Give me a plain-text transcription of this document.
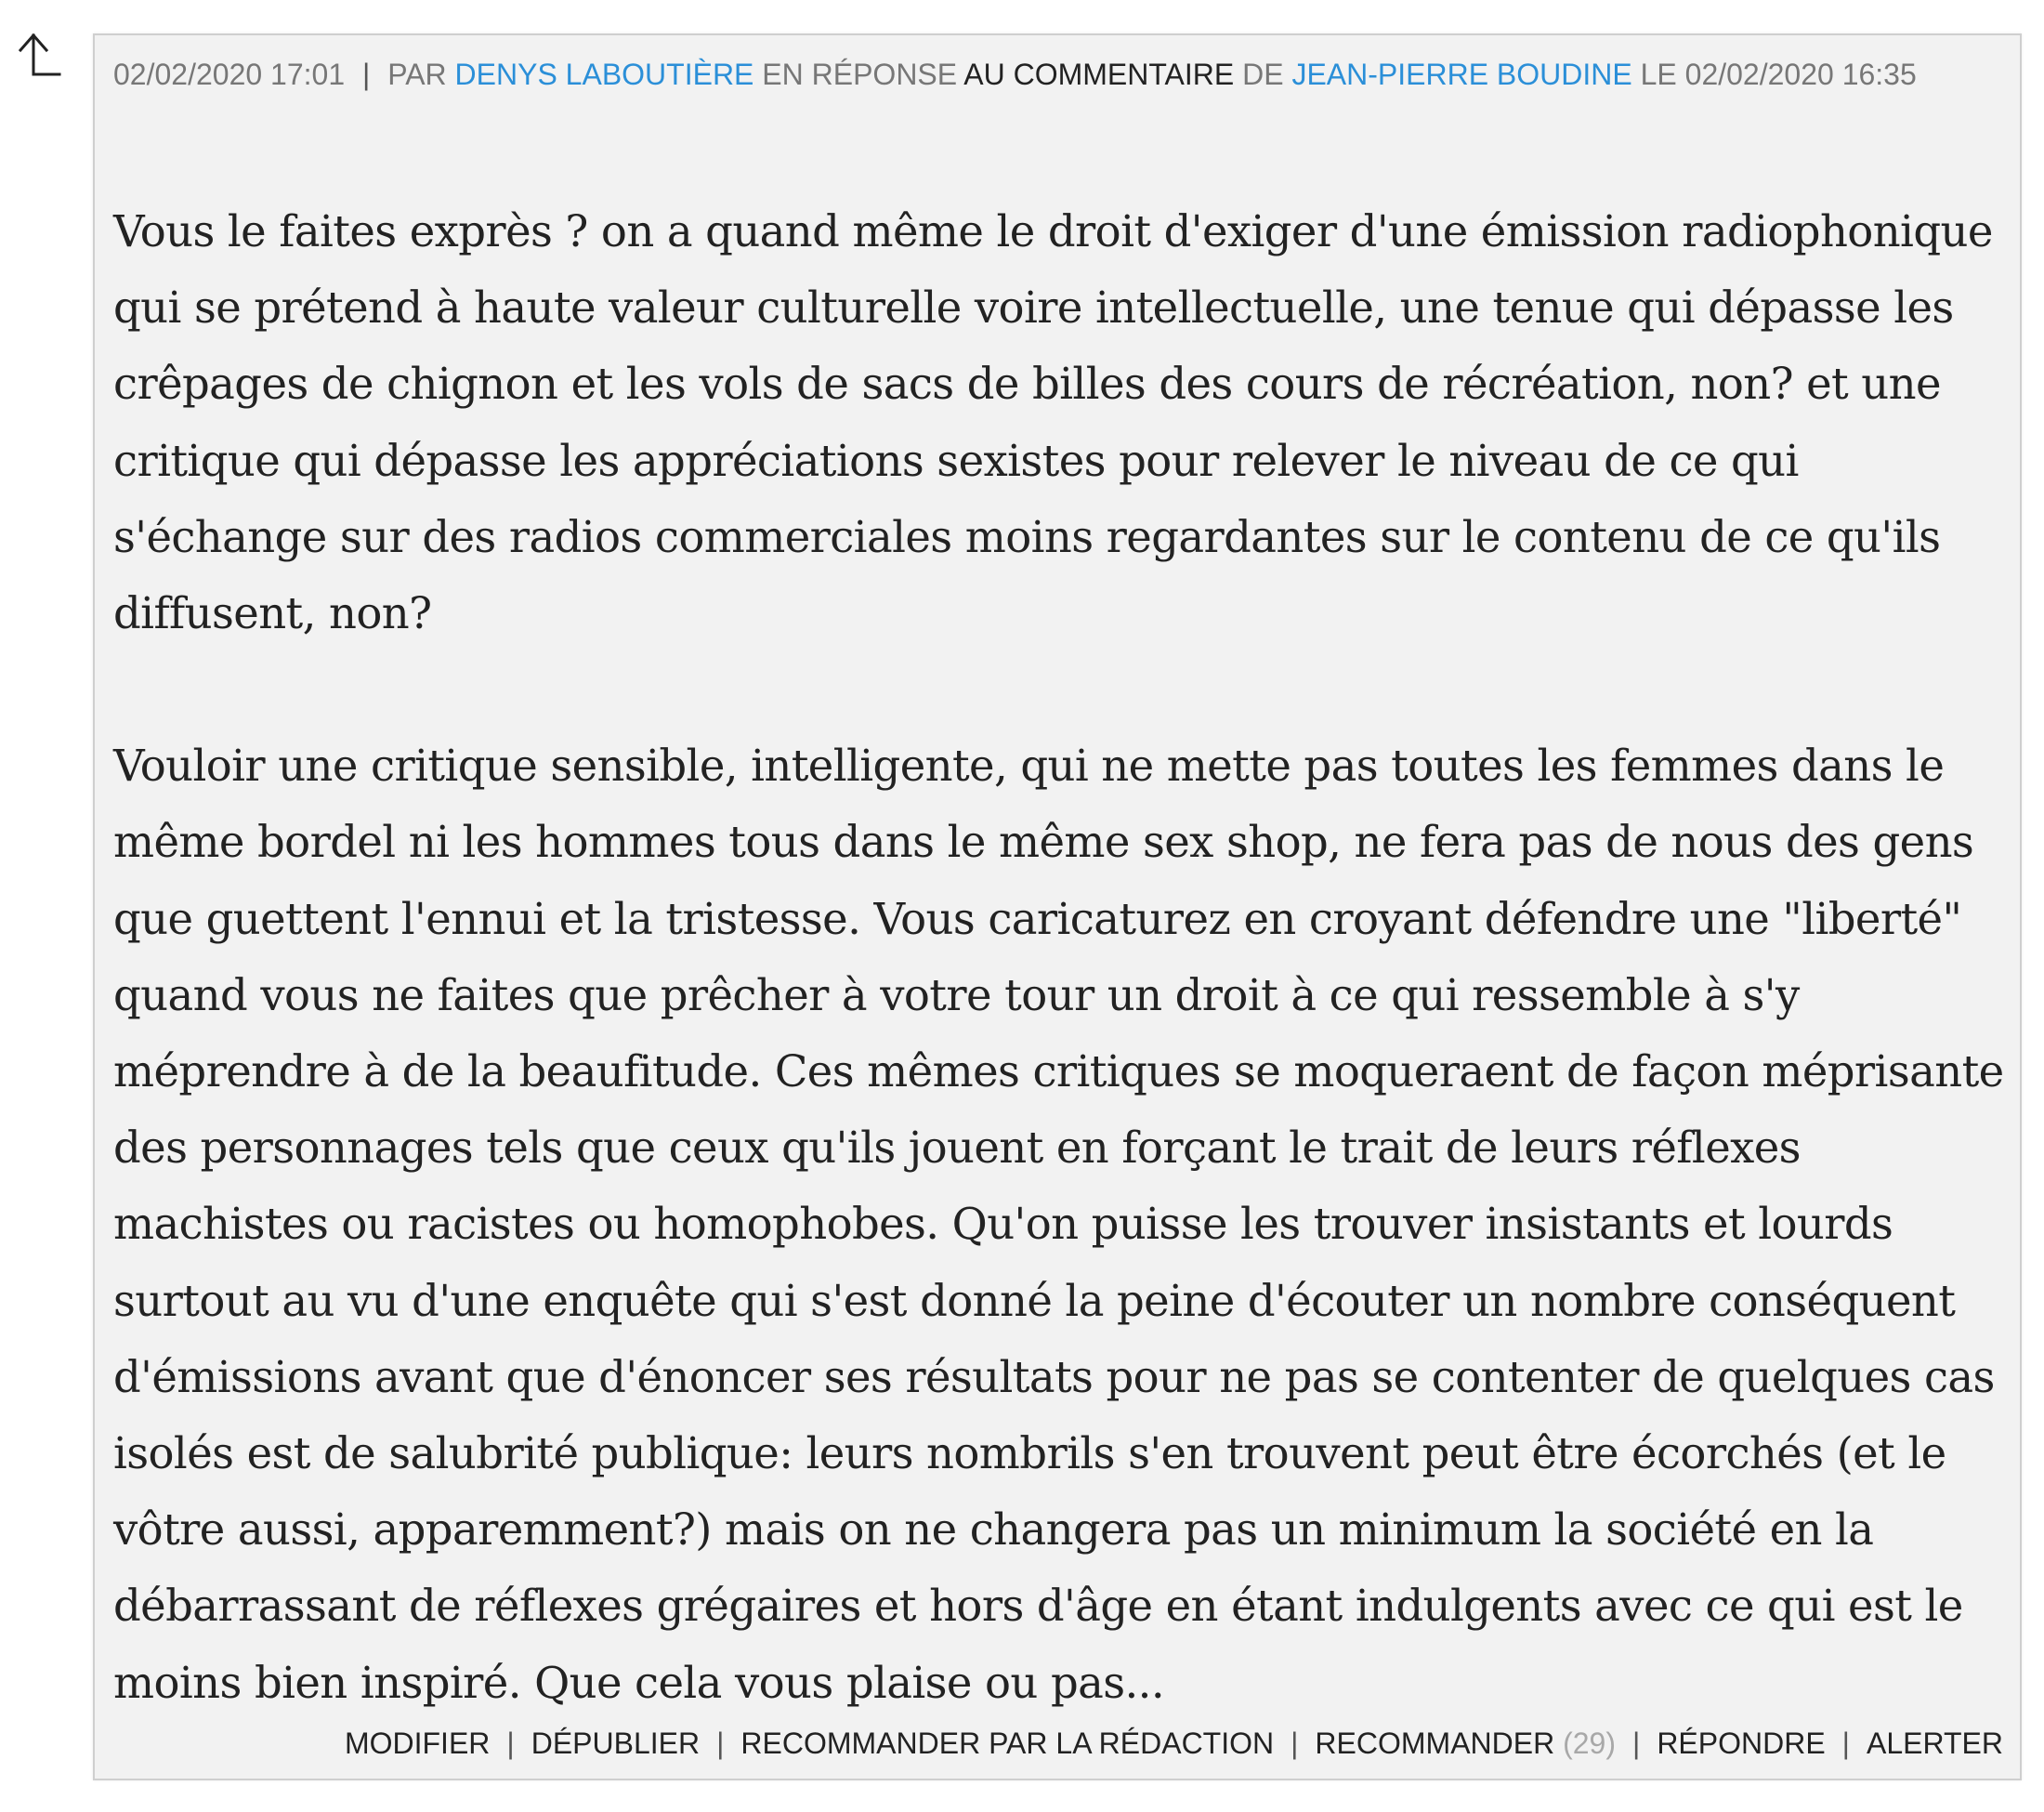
02/02/2020 17:01 | PAR DENYS LABOUTIÈRE EN RÉPONSE AU COMMENTAIRE DE JEAN-PIERRE BOUDINE LE 02/02/2020 16:35

Vous le faites exprès ? on a quand même le droit d'exiger d'une émission radiophonique qui se prétend à haute valeur culturelle voire intellectuelle, une tenue qui dépasse les crêpages de chignon et les vols de sacs de billes des cours de récréation, non? et une critique qui dépasse les appréciations sexistes pour relever le niveau de ce qui s'échange sur des radios commerciales moins regardantes sur le contenu de ce qu'ils diffusent, non?

Vouloir une critique sensible, intelligente, qui ne mette pas toutes les femmes dans le même bordel ni les hommes tous dans le même sex shop, ne fera pas de nous des gens que guettent l'ennui et la tristesse. Vous caricaturez en croyant défendre une "liberté" quand vous ne faites que prêcher à votre tour un droit à ce qui ressemble à s'y méprendre à de la beaufitude. Ces mêmes critiques se moqueraent de façon méprisante des personnages tels que ceux qu'ils jouent en forçant le trait de leurs réflexes machistes ou racistes ou homophobes. Qu'on puisse les trouver insistants et lourds surtout au vu d'une enquête qui s'est donné la peine d'écouter un nombre conséquent d'émissions avant que d'énoncer ses résultats pour ne pas se contenter de quelques cas isolés est de salubrité publique: leurs nombrils s'en trouvent peut être écorchés (et le vôtre aussi, apparemment?) mais on ne changera pas un minimum la société en la débarrassant de réflexes grégaires et hors d'âge en étant indulgents avec ce qui est le moins bien inspiré. Que cela vous plaise ou pas...

MODIFIER | DÉPUBLIER | RECOMMANDER PAR LA RÉDACTION | RECOMMANDER (29) | RÉPONDRE | ALERTER
